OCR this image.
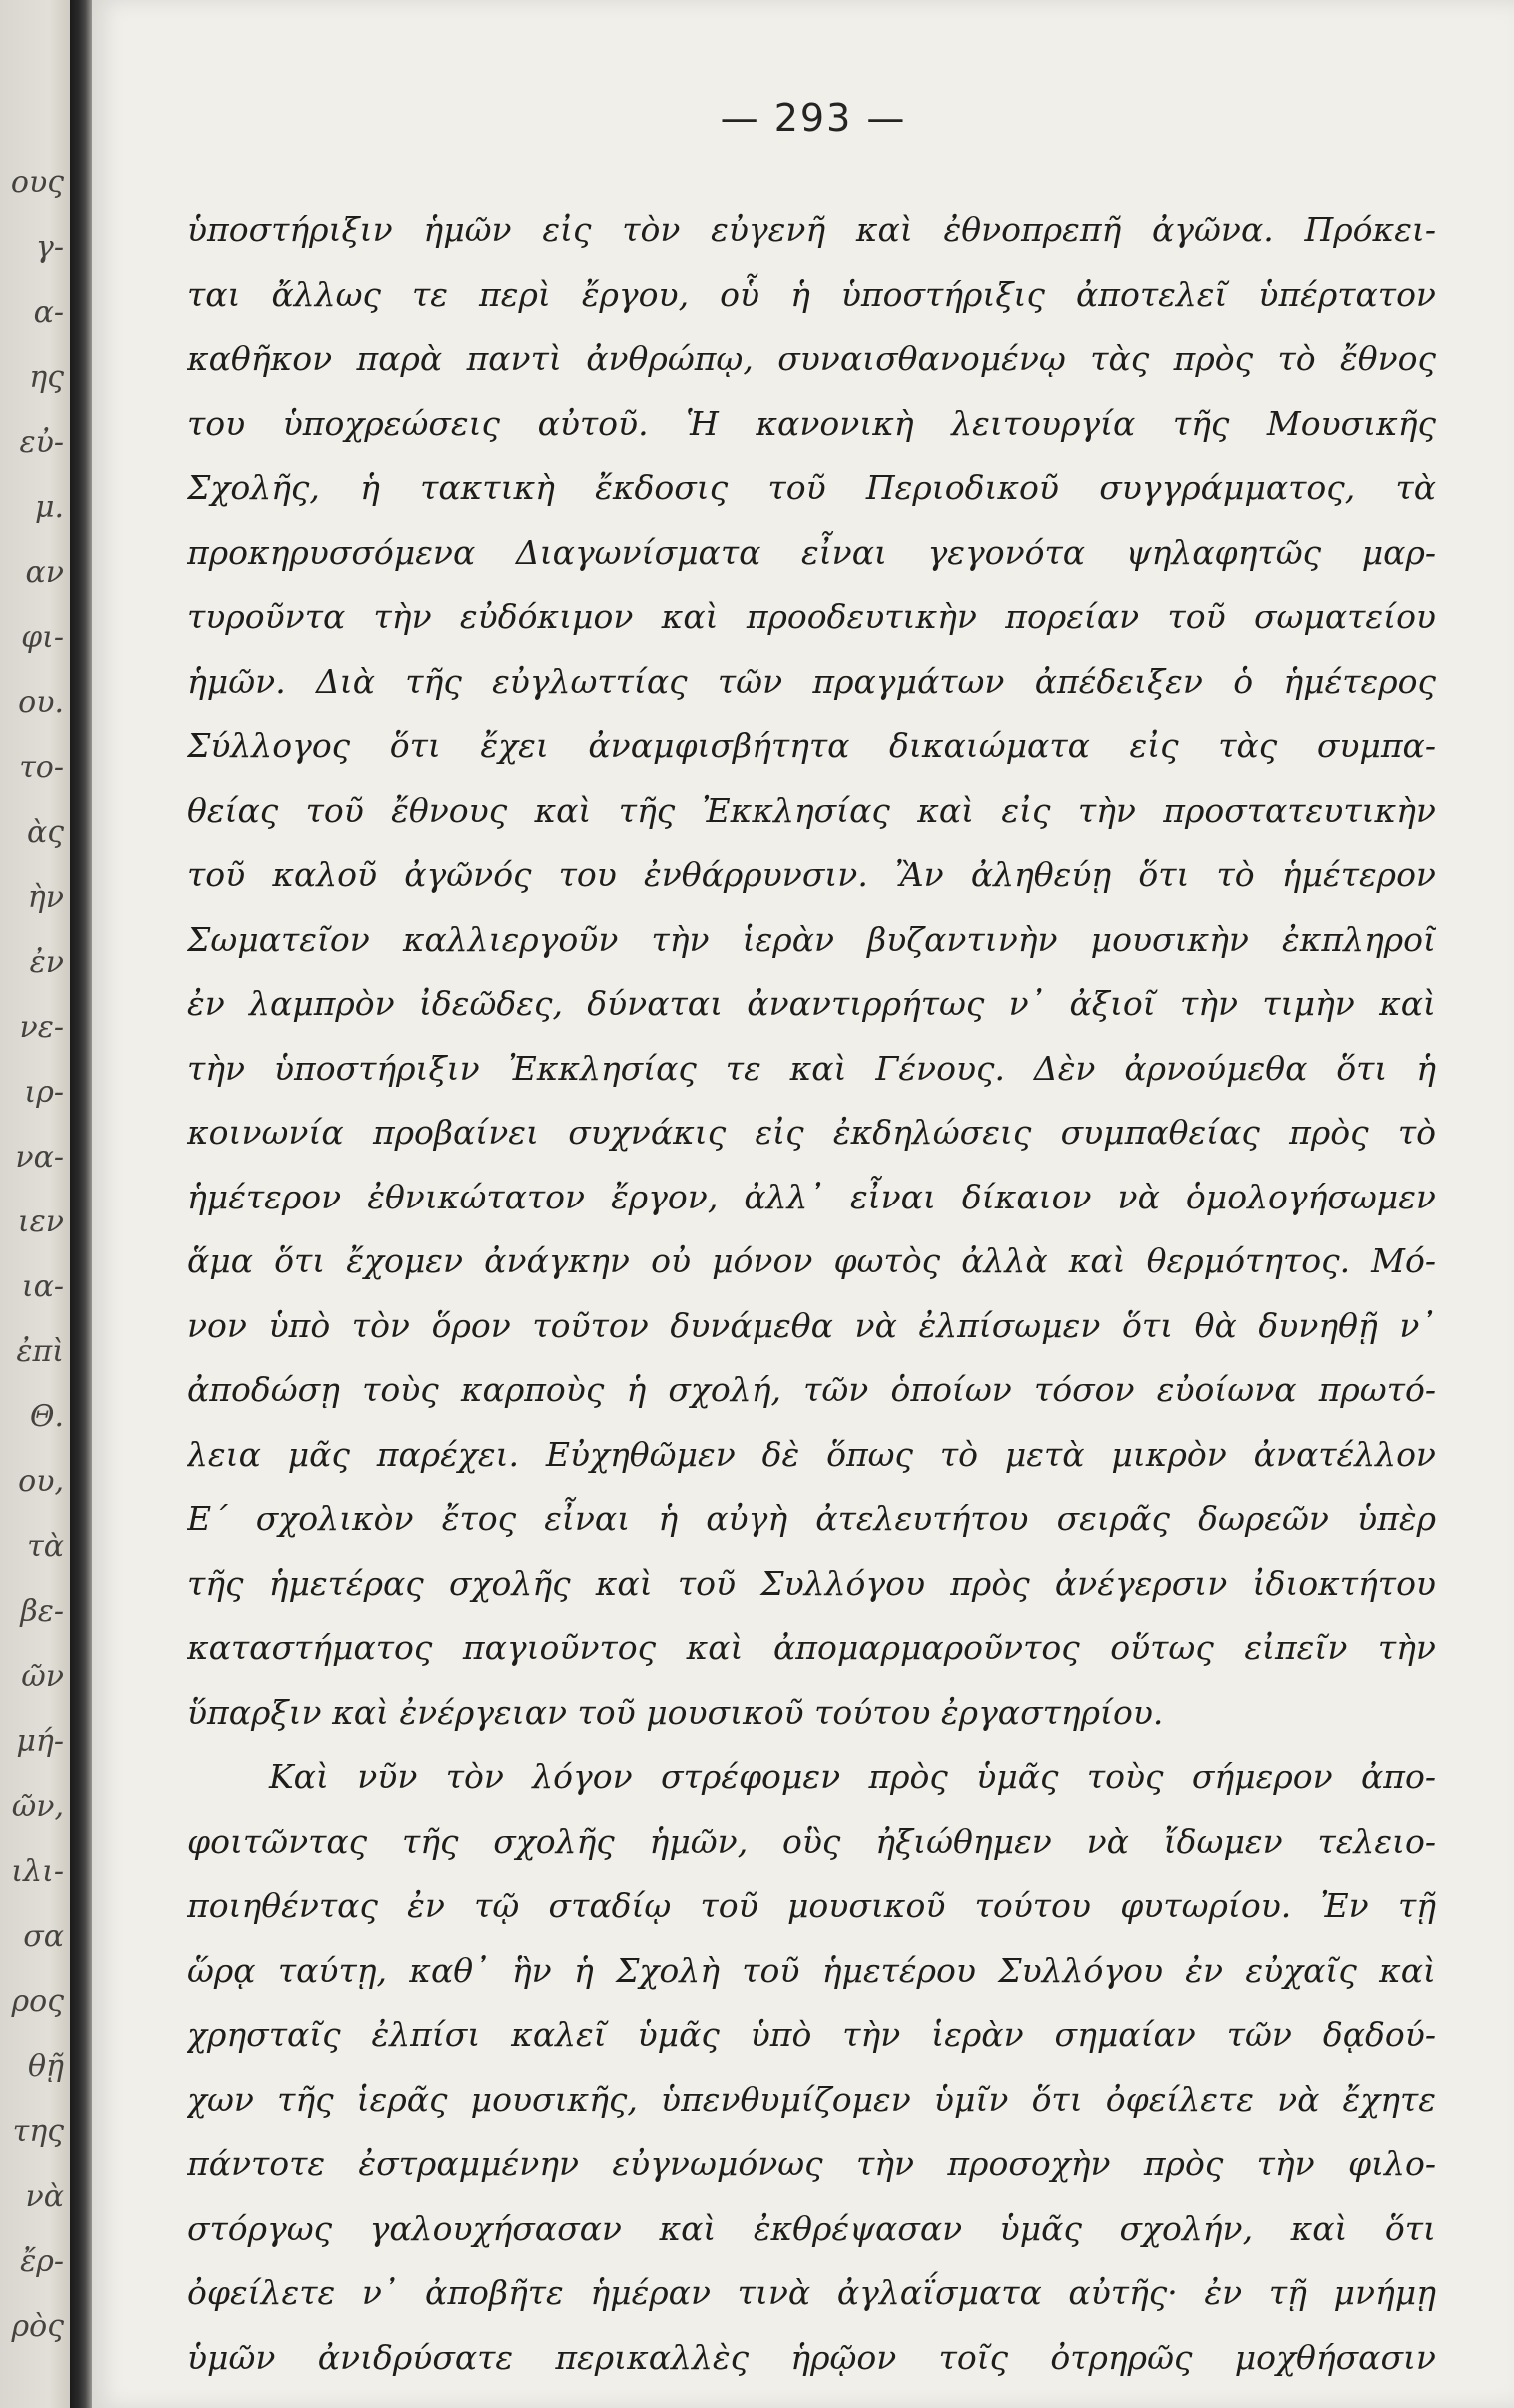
ους
γ-
α-
ης
εὐ-
μ.
αν
φι-
ου.
το-
ὰς
ὴν
ἐν
νε-
ιρ-
να-
ιεν
ια-
ἐπὶ
Θ.
ου,
τὰ
βε-
ῶν
μή-
ῶν,
ιλι-
σα
ρος
θῇ
της
νὰ
ἔρ-
ρὸς
— 293 —
ὑποστήριξιν ἡμῶν εἰς τὸν εὐγενῆ καὶ ἐθνοπρεπῆ ἀγῶνα. Πρόκει-
ται ἄλλως τε περὶ ἔργου, οὗ ἡ ὑποστήριξις ἀποτελεῖ ὑπέρτατον
καθῆκον παρὰ παντὶ ἀνθρώπῳ, συναισθανομένῳ τὰς πρὸς τὸ ἔθνος
του ὑποχρεώσεις αὐτοῦ. Ἡ κανονικὴ λειτουργία τῆς Μουσικῆς
Σχολῆς, ἡ τακτικὴ ἔκδοσις τοῦ Περιοδικοῦ συγγράμματος, τὰ
προκηρυσσόμενα Διαγωνίσματα εἶναι γεγονότα ψηλαφητῶς μαρ-
τυροῦντα τὴν εὐδόκιμον καὶ προοδευτικὴν πορείαν τοῦ σωματείου
ἡμῶν. Διὰ τῆς εὐγλωττίας τῶν πραγμάτων ἀπέδειξεν ὁ ἡμέτερος
Σύλλογος ὅτι ἔχει ἀναμφισβήτητα δικαιώματα εἰς τὰς συμπα-
θείας τοῦ ἔθνους καὶ τῆς Ἐκκλησίας καὶ εἰς τὴν προστατευτικὴν
τοῦ καλοῦ ἀγῶνός του ἐνθάρρυνσιν. Ἂν ἀληθεύῃ ὅτι τὸ ἡμέτερον
Σωματεῖον καλλιεργοῦν τὴν ἱερὰν βυζαντινὴν μουσικὴν ἐκπληροῖ
ἐν λαμπρὸν ἰδεῶδες, δύναται ἀναντιρρήτως ν᾽ ἀξιοῖ τὴν τιμὴν καὶ
τὴν ὑποστήριξιν Ἐκκλησίας τε καὶ Γένους. Δὲν ἀρνούμεθα ὅτι ἡ
κοινωνία προβαίνει συχνάκις εἰς ἐκδηλώσεις συμπαθείας πρὸς τὸ
ἡμέτερον ἐθνικώτατον ἔργον, ἀλλ᾽ εἶναι δίκαιον νὰ ὁμολογήσωμεν
ἅμα ὅτι ἔχομεν ἀνάγκην οὐ μόνον φωτὸς ἀλλὰ καὶ θερμότητος. Μό-
νον ὑπὸ τὸν ὅρον τοῦτον δυνάμεθα νὰ ἐλπίσωμεν ὅτι θὰ δυνηθῇ ν᾽
ἀποδώσῃ τοὺς καρποὺς ἡ σχολή, τῶν ὁποίων τόσον εὐοίωνα πρωτό-
λεια μᾶς παρέχει. Εὐχηθῶμεν δὲ ὅπως τὸ μετὰ μικρὸν ἀνατέλλον
Ε´ σχολικὸν ἔτος εἶναι ἡ αὐγὴ ἀτελευτήτου σειρᾶς δωρεῶν ὑπὲρ
τῆς ἡμετέρας σχολῆς καὶ τοῦ Συλλόγου πρὸς ἀνέγερσιν ἰδιοκτήτου
καταστήματος παγιοῦντος καὶ ἀπομαρμαροῦντος οὕτως εἰπεῖν τὴν
ὕπαρξιν καὶ ἐνέργειαν τοῦ μουσικοῦ τούτου ἐργαστηρίου.
Καὶ νῦν τὸν λόγον στρέφομεν πρὸς ὑμᾶς τοὺς σήμερον ἀπο-
φοιτῶντας τῆς σχολῆς ἡμῶν, οὓς ἠξιώθημεν νὰ ἴδωμεν τελειο-
ποιηθέντας ἐν τῷ σταδίῳ τοῦ μουσικοῦ τούτου φυτωρίου. Ἐν τῇ
ὥρᾳ ταύτῃ, καθ᾽ ἣν ἡ Σχολὴ τοῦ ἡμετέρου Συλλόγου ἐν εὐχαῖς καὶ
χρησταῖς ἐλπίσι καλεῖ ὑμᾶς ὑπὸ τὴν ἱερὰν σημαίαν τῶν δᾳδού-
χων τῆς ἱερᾶς μουσικῆς, ὑπενθυμίζομεν ὑμῖν ὅτι ὀφείλετε νὰ ἔχητε
πάντοτε ἐστραμμένην εὐγνωμόνως τὴν προσοχὴν πρὸς τὴν φιλο-
στόργως γαλουχήσασαν καὶ ἐκθρέψασαν ὑμᾶς σχολήν, καὶ ὅτι
ὀφείλετε ν᾽ ἀποβῆτε ἡμέραν τινὰ ἀγλαΐσματα αὐτῆς· ἐν τῇ μνήμῃ
ὑμῶν ἀνιδρύσατε περικαλλὲς ἡρῷον τοῖς ὀτρηρῶς μοχθήσασιν
